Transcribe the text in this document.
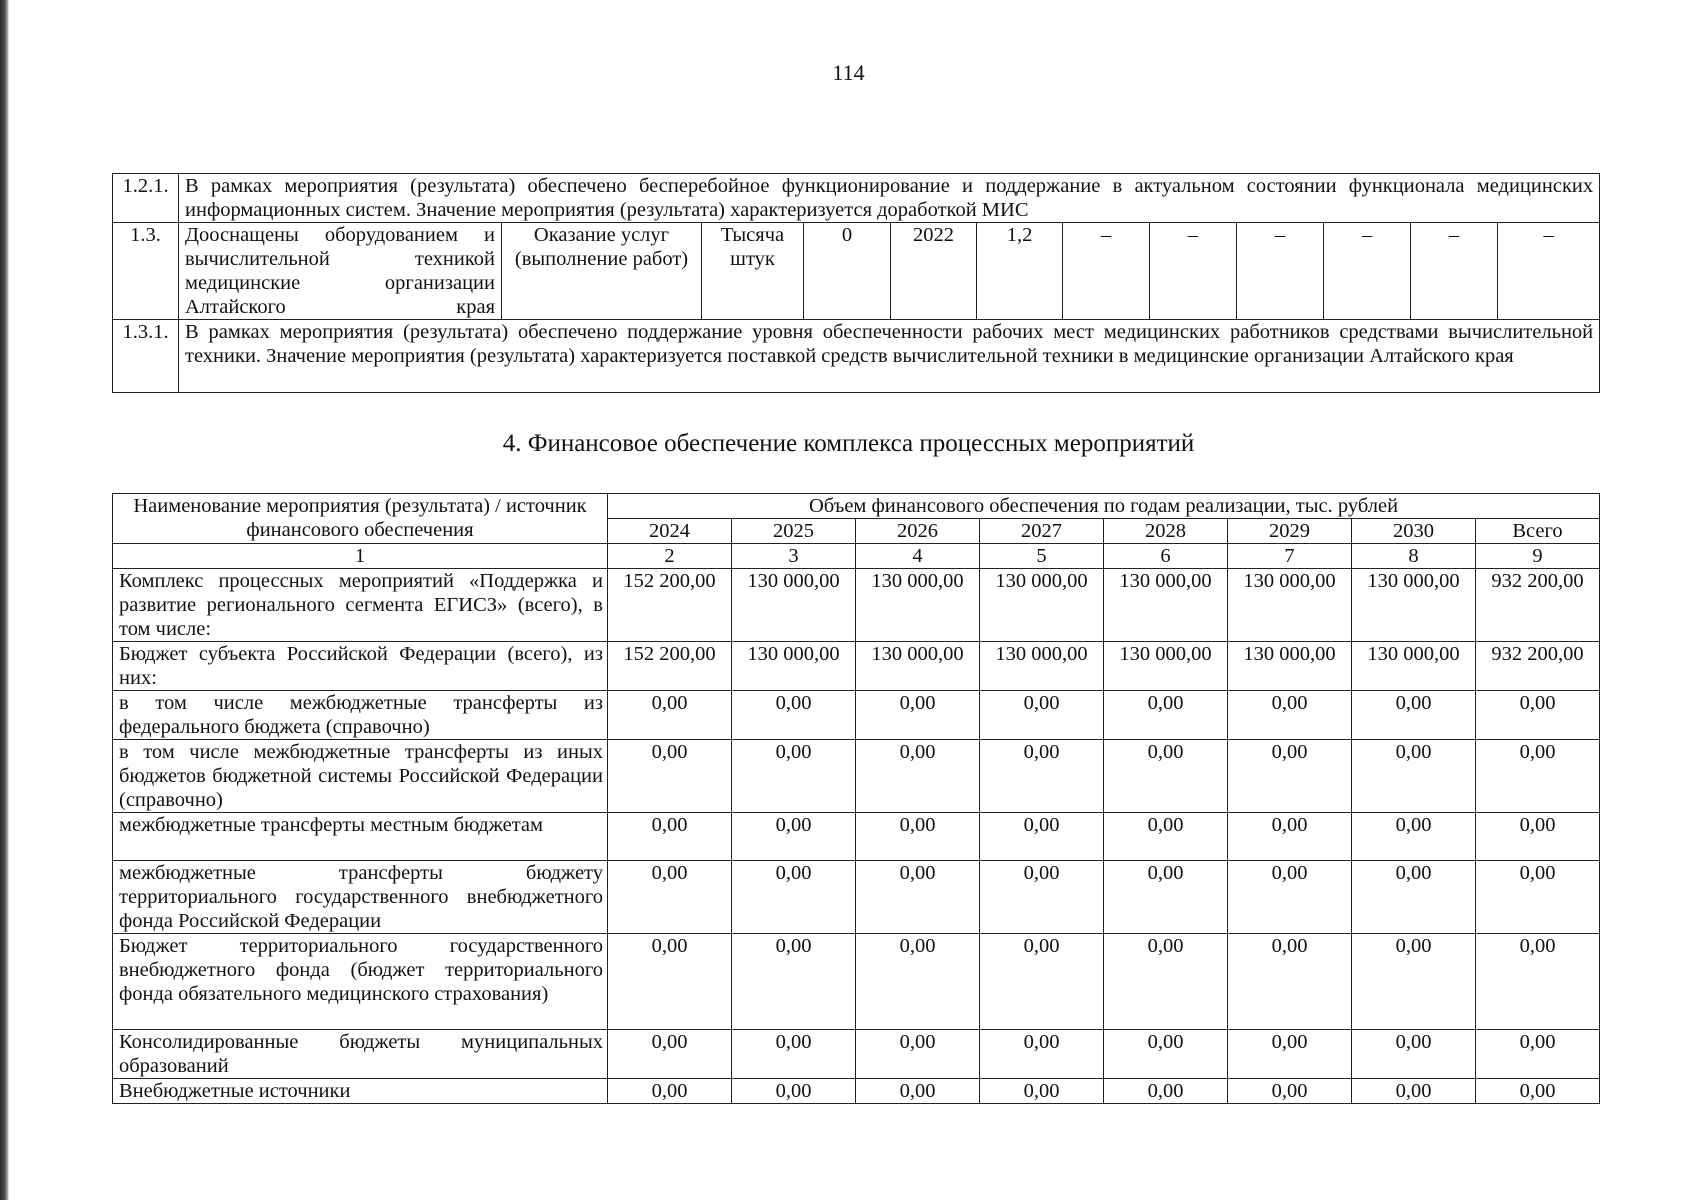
114
1.2.1.	В рамках мероприятия (результата) обеспечено бесперебойное функционирование и поддержание в актуальном состоянии функционала медицинских информационных систем. Значение мероприятия (результата) характеризуется доработкой МИС											
1.3.	Дооснащены оборудованием и вычислительной техникой медицинские организации Алтайского края	Оказание услуг (выполнение работ)	Тысяча штук	0	2022	1,2	–	–	–	–	–	–
1.3.1.	В рамках мероприятия (результата) обеспечено поддержание уровня обеспеченности рабочих мест медицинских работников средствами вычислительной техники. Значение мероприятия (результата) характеризуется поставкой средств вычислительной техники в медицинские организации Алтайского края											
4. Финансовое обеспечение комплекса процессных мероприятий
Наименование мероприятия (результата) / источник финансового обеспечения	Объем финансового обеспечения по годам реализации, тыс. рублей							
	2024	2025	2026	2027	2028	2029	2030	Всего
1	2	3	4	5	6	7	8	9
Комплекс процессных мероприятий «Поддержка и развитие регионального сегмента ЕГИСЗ» (всего), в том числе:	152 200,00	130 000,00	130 000,00	130 000,00	130 000,00	130 000,00	130 000,00	932 200,00
Бюджет субъекта Российской Федерации (всего), из них:	152 200,00	130 000,00	130 000,00	130 000,00	130 000,00	130 000,00	130 000,00	932 200,00
в том числе межбюджетные трансферты из федерального бюджета (справочно)	0,00	0,00	0,00	0,00	0,00	0,00	0,00	0,00
в том числе межбюджетные трансферты из иных бюджетов бюджетной системы Российской Федерации (справочно)	0,00	0,00	0,00	0,00	0,00	0,00	0,00	0,00
межбюджетные трансферты местным бюджетам	0,00	0,00	0,00	0,00	0,00	0,00	0,00	0,00
межбюджетные трансферты бюджету территориального государственного внебюджетного фонда Российской Федерации	0,00	0,00	0,00	0,00	0,00	0,00	0,00	0,00
Бюджет территориального государственного внебюджетного фонда (бюджет территориального фонда обязательного медицинского страхования)	0,00	0,00	0,00	0,00	0,00	0,00	0,00	0,00
Консолидированные бюджеты муниципальных образований	0,00	0,00	0,00	0,00	0,00	0,00	0,00	0,00
Внебюджетные источники	0,00	0,00	0,00	0,00	0,00	0,00	0,00	0,00
